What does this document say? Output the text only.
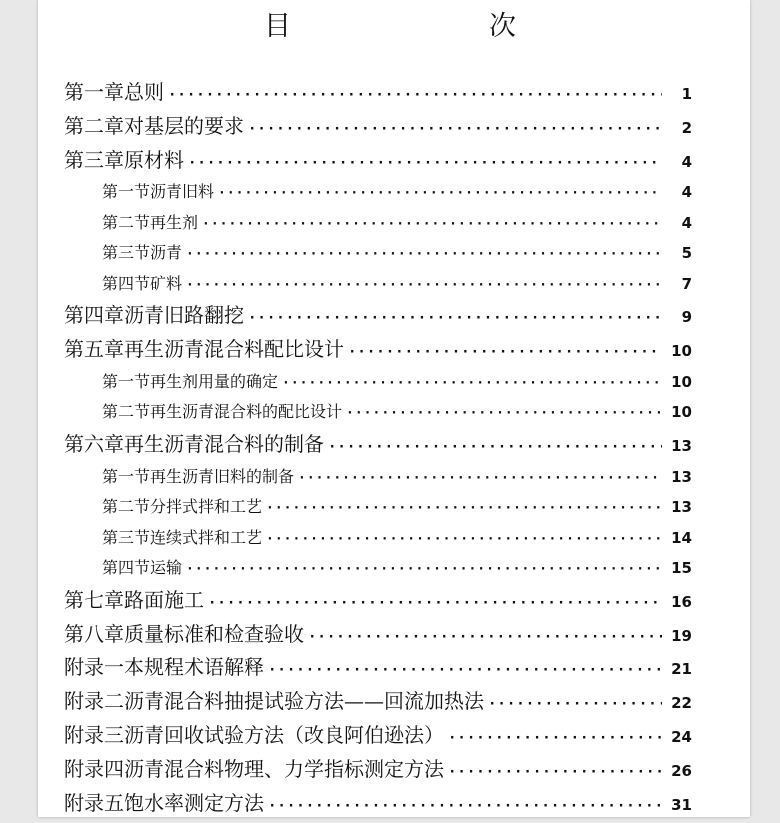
目　　次
第一章 总则 ·····	1
第二章 对基层的要求 ·····	2
第三章 原材料 ·····	4
第一节 沥青旧料 ·····	4
第二节 再生剂 ·····	4
第三节 沥青 ·····	5
第四节 矿料 ·····	7
第四章 沥青旧路翻挖 ·····	9
第五章 再生沥青混合料配比设计 ·····	10
第一节 再生剂用量的确定 ·····	10
第二节 再生沥青混合料的配比设计 ·····	10
第六章 再生沥青混合料的制备 ·····	13
第一节 再生沥青旧料的制备 ·····	13
第二节 分拌式拌和工艺 ·····	13
第三节 连续式拌和工艺 ·····	14
第四节 运输 ·····	15
第七章 路面施工 ·····	16
第八章 质量标准和检查验收 ·····	19
附录一 本规程术语解释 ·····	21
附录二 沥青混合料抽提试验方法——回流加热法 ·····	22
附录三 沥青回收试验方法（改良阿伯逊法） ·····	24
附录四 沥青混合料物理、力学指标测定方法 ·····	26
附录五 饱水率测定方法 ·····	31
